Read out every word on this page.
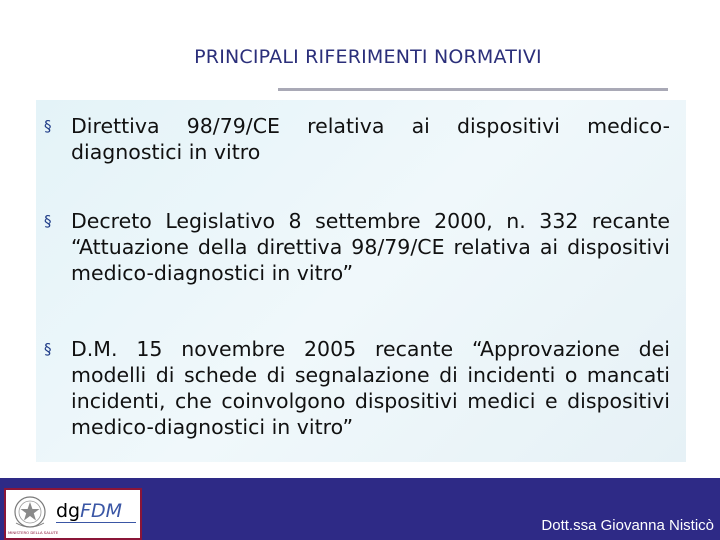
PRINCIPALI RIFERIMENTI NORMATIVI
§ Direttiva 98/79/CE relativa ai dispositivi medico-diagnostici in vitro
§ Decreto Legislativo 8 settembre 2000, n. 332 recante “Attuazione della direttiva 98/79/CE relativa ai dispositivi medico-diagnostici in vitro”
§ D.M. 15 novembre 2005 recante “Approvazione dei modelli di schede di segnalazione di incidenti o mancati incidenti, che coinvolgono dispositivi medici e dispositivi medico-diagnostici in vitro”
dgFDM
MINISTERO DELLA SALUTE	Dott.ssa Giovanna Nisticò
